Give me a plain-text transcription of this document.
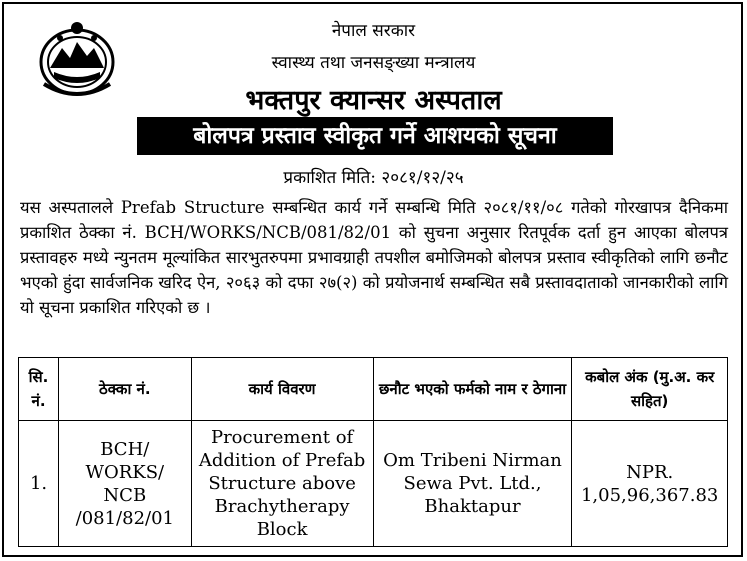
नेपाल सरकार
स्वास्थ्य तथा जनसङ्ख्या मन्त्रालय
भक्तपुर क्यान्सर अस्पताल
बोलपत्र प्रस्ताव स्वीकृत गर्ने आशयको सूचना
प्रकाशित मिति: २०८१/१२/२५
यस अस्पतालले Prefab Structure सम्बन्धित कार्य गर्ने सम्बन्धि मिति २०८१/११/०८ गतेको गोरखापत्र दैनिकमा प्रकाशित ठेक्का नं. BCH/WORKS/NCB/081/82/01 को सुचना अनुसार रितपूर्वक दर्ता हुन आएका बोलपत्र प्रस्तावहरु मध्ये न्युनतम मूल्यांकित सारभुतरुपमा प्रभावग्राही तपशील बमोजिमको बोलपत्र प्रस्ताव स्वीकृतिको लागि छनौट भएको हुंदा सार्वजनिक खरिद ऐन, २०६३ को दफा २७(२) को प्रयोजनार्थ सम्बन्धित सबै प्रस्तावदाताको जानकारीको लागि यो सूचना प्रकाशित गरिएको छ ।
सि. नं.	ठेक्का नं.	कार्य विवरण	छनौट भएको फर्मको नाम र ठेगाना	कबोल अंक (मु.अ. कर सहित)
1.	BCH/ WORKS/ NCB /081/82/01	Procurement of Addition of Prefab Structure above Brachytherapy Block	Om Tribeni Nirman Sewa Pvt. Ltd., Bhaktapur	NPR. 1,05,96,367.83
